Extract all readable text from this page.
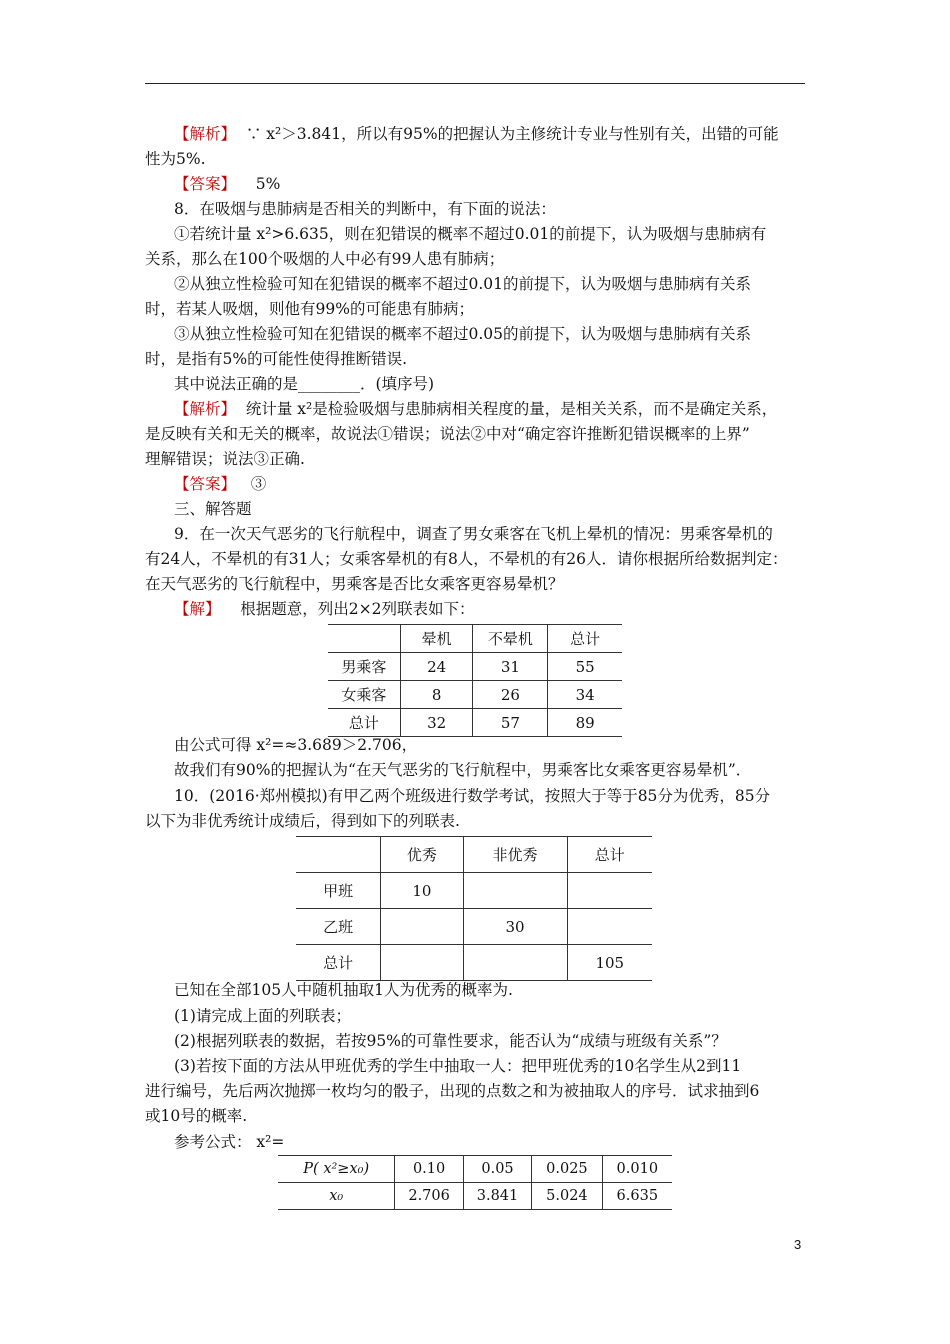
【解析】 ∵ x²＞3.841，所以有95%的把握认为主修统计专业与性别有关，出错的可能
性为5%.
【答案】 5%
8．在吸烟与患肺病是否相关的判断中，有下面的说法：
①若统计量 x²>6.635，则在犯错误的概率不超过0.01的前提下，认为吸烟与患肺病有
关系，那么在100个吸烟的人中必有99人患有肺病；
②从独立性检验可知在犯错误的概率不超过0.01的前提下，认为吸烟与患肺病有关系
时，若某人吸烟，则他有99%的可能患有肺病；
③从独立性检验可知在犯错误的概率不超过0.05的前提下，认为吸烟与患肺病有关系
时，是指有5%的可能性使得推断错误.
其中说法正确的是________．(填序号)
【解析】 统计量 x²是检验吸烟与患肺病相关程度的量，是相关关系，而不是确定关系，
是反映有关和无关的概率，故说法①错误；说法②中对“确定容许推断犯错误概率的上界”
理解错误；说法③正确.
【答案】 ③
三、解答题
9．在一次天气恶劣的飞行航程中，调查了男女乘客在飞机上晕机的情况：男乘客晕机的
有24人，不晕机的有31人；女乘客晕机的有8人，不晕机的有26人．请你根据所给数据判定：
在天气恶劣的飞行航程中，男乘客是否比女乘客更容易晕机？
【解】 根据题意，列出2×2列联表如下：
	晕机	不晕机	总计
男乘客	24	31	55
女乘客	8	26	34
总计	32	57	89
由公式可得 x²=≈3.689＞2.706，
故我们有90%的把握认为“在天气恶劣的飞行航程中，男乘客比女乘客更容易晕机”．
10．(2016·郑州模拟)有甲乙两个班级进行数学考试，按照大于等于85分为优秀，85分
以下为非优秀统计成绩后，得到如下的列联表.
	优秀	非优秀	总计
甲班	10		
乙班		30	
总计			105
已知在全部105人中随机抽取1人为优秀的概率为.
(1)请完成上面的列联表；
(2)根据列联表的数据，若按95%的可靠性要求，能否认为“成绩与班级有关系”？
(3)若按下面的方法从甲班优秀的学生中抽取一人：把甲班优秀的10名学生从2到11
进行编号，先后两次抛掷一枚均匀的骰子，出现的点数之和为被抽取人的序号．试求抽到6
或10号的概率.
参考公式： x²=
P( x²≥x₀)	0.10	0.05	0.025	0.010
x₀	2.706	3.841	5.024	6.635
3
